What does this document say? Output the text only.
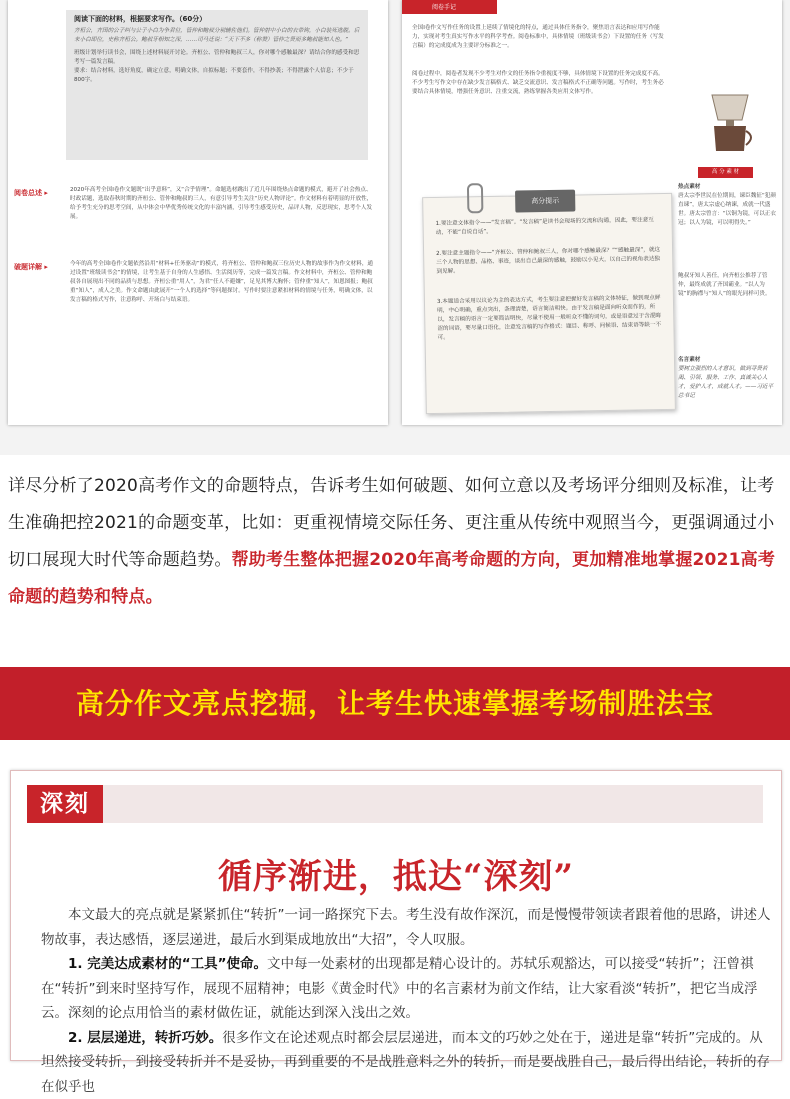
阅读下面的材料，根据要求写作。（60分）
齐桓公，齐国的公子纠与公子小白为争君位，管仲和鲍叔分别辅佐他们。管仲射中小白的衣带钩，小白装死逃脱。后来小白即位，史称齐桓公。鲍叔牙相知之深，……司马迁说：“天下不多（称赞）管仲之贤而多鲍叔能知人也。”
班级计划举行读书会，围绕上述材料展开讨论。齐桓公、管仲和鲍叔三人，你对哪个感触最深？请结合你的感受和思考写一篇发言稿。
要求：结合材料，选好角度，确定立意，明确文体，自拟标题；不要套作，不得抄袭；不得泄露个人信息；不少于800字。
阅卷总述 ▸	2020年高考全国Ⅰ卷作文题既“出乎意料”，又“合乎情理”。命题选材跳出了近几年围绕热点命题的模式，避开了社会热点、时政话题，选取春秋时期的齐桓公、管仲和鲍叔的三人，有意引导考生关注“历史人物评论”。作文材料有着明显的开放性，给予考生充分的思考空间，从中体会中华优秀传统文化的丰富内涵，引导考生感受历史，品评人物，反思现实，思考个人发展。
破题详解 ▸	今年的高考全国Ⅰ卷作文题依然沿用“材料+任务驱动”的模式，将齐桓公、管仲和鲍叔三位历史人物的故事作为作文材料，通过设置“班级读书会”的情境，让考生基于自身的人生感悟、生活阅历等，完成一篇发言稿。作文材料中，齐桓公、管仲和鲍叔各自展现出不同的品质与思想。齐桓公重“用人”，为君“任人不避嫌”，足见其博大胸怀；管仲重“知人”，知恩图报；鲍叔重“知人”，成人之美。作文命题由此展开“一个人的选择”等问题探讨。写作时要注意紧扣材料的情境与任务，明确文体，以发言稿的格式写作，注意称呼、开场白与结束语。
阅卷手记
全国Ⅰ卷作文写作任务的设置上延续了情境化的特点，通过具体任务指令，聚焦语言表达和应用写作能力，实现对考生真实写作水平的科学考查。阅卷标准中，具体情境（班级读书会）下设置的任务（写发言稿）的完成度成为主要评分标准之一。
阅卷过程中，阅卷者发现不少考生对作文的任务指令重视度不够，具体情境下设置的任务完成度不高。不少考生写作文中存在缺少发言稿格式、缺乏交流意识、发言稿格式不正确等问题。写作时，考生务必要结合具体情境，增强任务意识、注重交流，熟练掌握各类应用文体写作。
高 分 素 材
热点素材
唐太宗李世民在位期间，谏臣魏征“犯颜直谏”，唐太宗虚心纳谏，成就一代盛世。唐太宗曾言：“以铜为镜，可以正衣冠；以人为镜，可以明得失。”
鲍叔牙知人善任，向齐桓公推荐了管仲，最终成就了齐国霸业。“以人为镜”的胸襟与“知人”的眼光同样可贵。
名言素材
要树立强烈的人才意识，做到寻贤若渴、引领、服务、工作、真诚关心人才，爱护人才，成就人才。——习近平总书记
高分提示
1.要注意文体指令——“发言稿”。“发言稿”是读书会现场的交流和沟通，因此，要注意互动，不能“自说自话”。
2.要注意主题指令——“齐桓公、管仲和鲍叔三人，你对哪个感触最深？”“感触最深”，就这三个人物的思想、品格、事迹，谈出自己最深的感触，鼓励以小见大，以自己的视角表达独到见解。
3.本题适合采用以议论为主的表达方式，考生要注意把握好发言稿的文体特征，做到观点鲜明，中心明确，重点突出，条理清楚，语言简洁明快。由于发言稿是面向听众而作的，所以，发言稿的语言一定要简洁明快，尽量不使用一般听众不懂的词句，或是语意过于含混晦涩的词语，要尽量口语化，注意发言稿的写作格式：题目、称呼、问候语、结束语等缺一不可。
详尽分析了2020高考作文的命题特点，告诉考生如何破题、如何立意以及考场评分细则及标准，让考生准确把控2021的命题变革，比如：更重视情境交际任务、更注重从传统中观照当今，更强调通过小切口展现大时代等命题趋势。帮助考生整体把握2020年高考命题的方向，更加精准地掌握2021高考命题的趋势和特点。
高分作文亮点挖掘，让考生快速掌握考场制胜法宝
深刻
循序渐进，抵达“深刻”

本文最大的亮点就是紧紧抓住“转折”一词一路探究下去。考生没有故作深沉，而是慢慢带领读者跟着他的思路，讲述人物故事，表达感悟，逐层递进，最后水到渠成地放出“大招”，令人叹服。

1. 完美达成素材的“工具”使命。文中每一处素材的出现都是精心设计的。苏轼乐观豁达，可以接受“转折”；汪曾祺在“转折”到来时坚持写作，展现不屈精神；电影《黄金时代》中的名言素材为前文作结，让大家看淡“转折”，把它当成浮云。深刻的论点用恰当的素材做佐证，就能达到深入浅出之效。

2. 层层递进，转折巧妙。很多作文在论述观点时都会层层递进，而本文的巧妙之处在于，递进是靠“转折”完成的。从坦然接受转折，到接受转折并不是妥协，再到重要的不是战胜意料之外的转折，而是要战胜自己，最后得出结论，转折的存在似乎也
